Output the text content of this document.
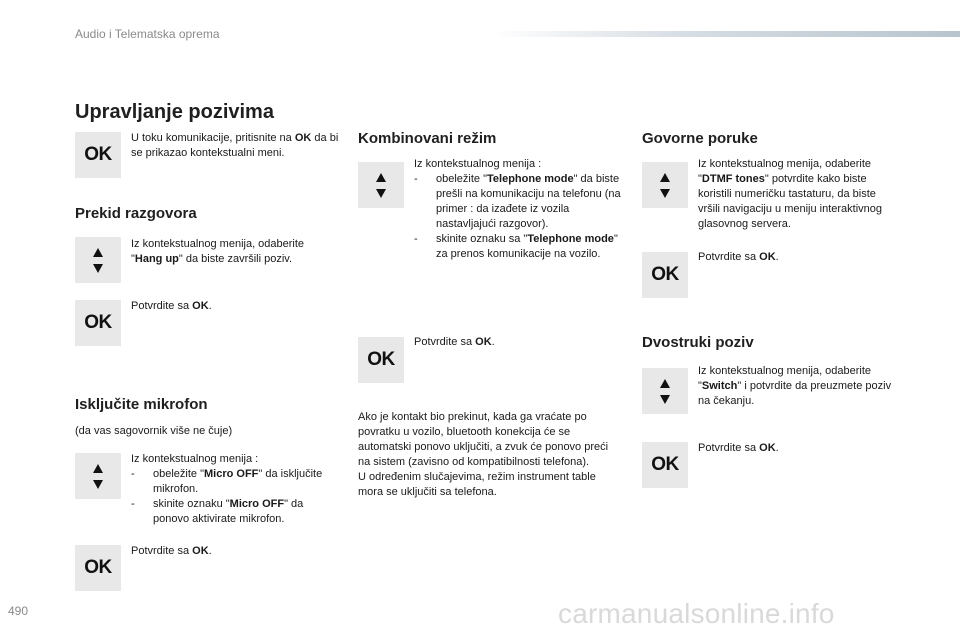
Audio i Telematska oprema
Upravljanje pozivima
OK
U toku komunikacije, pritisnite na OK da bi se prikazao kontekstualni meni.
Prekid razgovora
Iz kontekstualnog menija, odaberite "Hang up" da biste završili poziv.
OK
Potvrdite sa OK.
Isključite mikrofon
(da vas sagovornik više ne čuje)
Iz kontekstualnog menija :
- obeležite "Micro OFF" da isključite mikrofon.
- skinite oznaku "Micro OFF" da ponovo aktivirate mikrofon.
OK
Potvrdite sa OK.
Kombinovani režim
Iz kontekstualnog menija :
- obeležite "Telephone mode" da biste prešli na komunikaciju na telefonu (na primer : da izađete iz vozila nastavljajući razgovor).
- skinite oznaku sa "Telephone mode" za prenos komunikacije na vozilo.
OK
Potvrdite sa OK.
Ako je kontakt bio prekinut, kada ga vraćate po povratku u vozilo, bluetooth konekcija će se automatski ponovo uključiti, a zvuk će ponovo preći na sistem (zavisno od kompatibilnosti telefona).
U određenim slučajevima, režim instrument table mora se uključiti sa telefona.
Govorne poruke
Iz kontekstualnog menija, odaberite "DTMF tones" potvrdite kako biste koristili numeričku tastaturu, da biste vršili navigaciju u meniju interaktivnog glasovnog servera.
OK
Potvrdite sa OK.
Dvostruki poziv
Iz kontekstualnog menija, odaberite "Switch" i potvrdite da preuzmete poziv na čekanju.
OK
Potvrdite sa OK.
490	carmanualsonline.info
